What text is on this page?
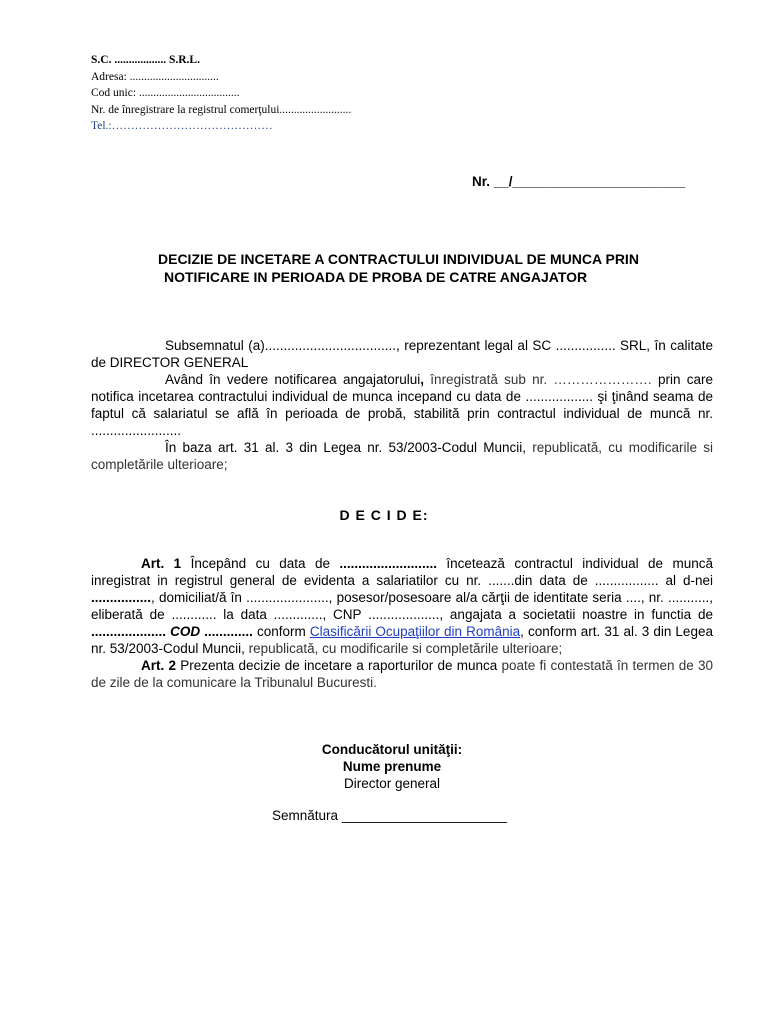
S.C. .................. S.R.L.
Adresa: ...............................
Cod unic: ...................................
Nr. de înregistrare la registrul comerţului.........................
Tel.:……………………………………
Nr. __/_______________________
DECIZIE DE INCETARE A CONTRACTULUI INDIVIDUAL DE MUNCA PRIN
NOTIFICARE IN PERIOADA DE PROBA DE CATRE ANGAJATOR

Subsemnatul (a)..................................., reprezentant legal al SC ................ SRL, în calitate de DIRECTOR GENERAL

Având în vedere notificarea angajatorului, înregistrată sub nr. …………………. prin care notifica incetarea contractului individual de munca incepand cu data de .................. şi ţinând seama de faptul că salariatul se află în perioada de probă, stabilită prin contractul individual de muncă nr. ........................

În baza art. 31 al. 3 din Legea nr. 53/2003-Codul Muncii, republicată, cu modificarile si completările ulterioare;

D E C I D E:

Art. 1 Începând cu data de .......................... încetează contractul individual de muncă inregistrat in registrul general de evidenta a salariatilor cu nr. .......din data de ................. al d-nei ................, domiciliat/ă în ......................, posesor/posesoare al/a cărţii de identitate seria ...., nr. ..........., eliberată de ............ la data ............., CNP ..................., angajata a societatii noastre in functia de .................... COD ............. conform Clasificării Ocupaţiilor din România, conform art. 31 al. 3 din Legea nr. 53/2003-Codul Muncii, republicată, cu modificarile si completările ulterioare;

Art. 2 Prezenta decizie de incetare a raporturilor de munca poate fi contestată în termen de 30 de zile de la comunicare la Tribunalul Bucuresti.

Conducătorul unităţii:
Nume prenume
Director general
Semnătura ______________________
